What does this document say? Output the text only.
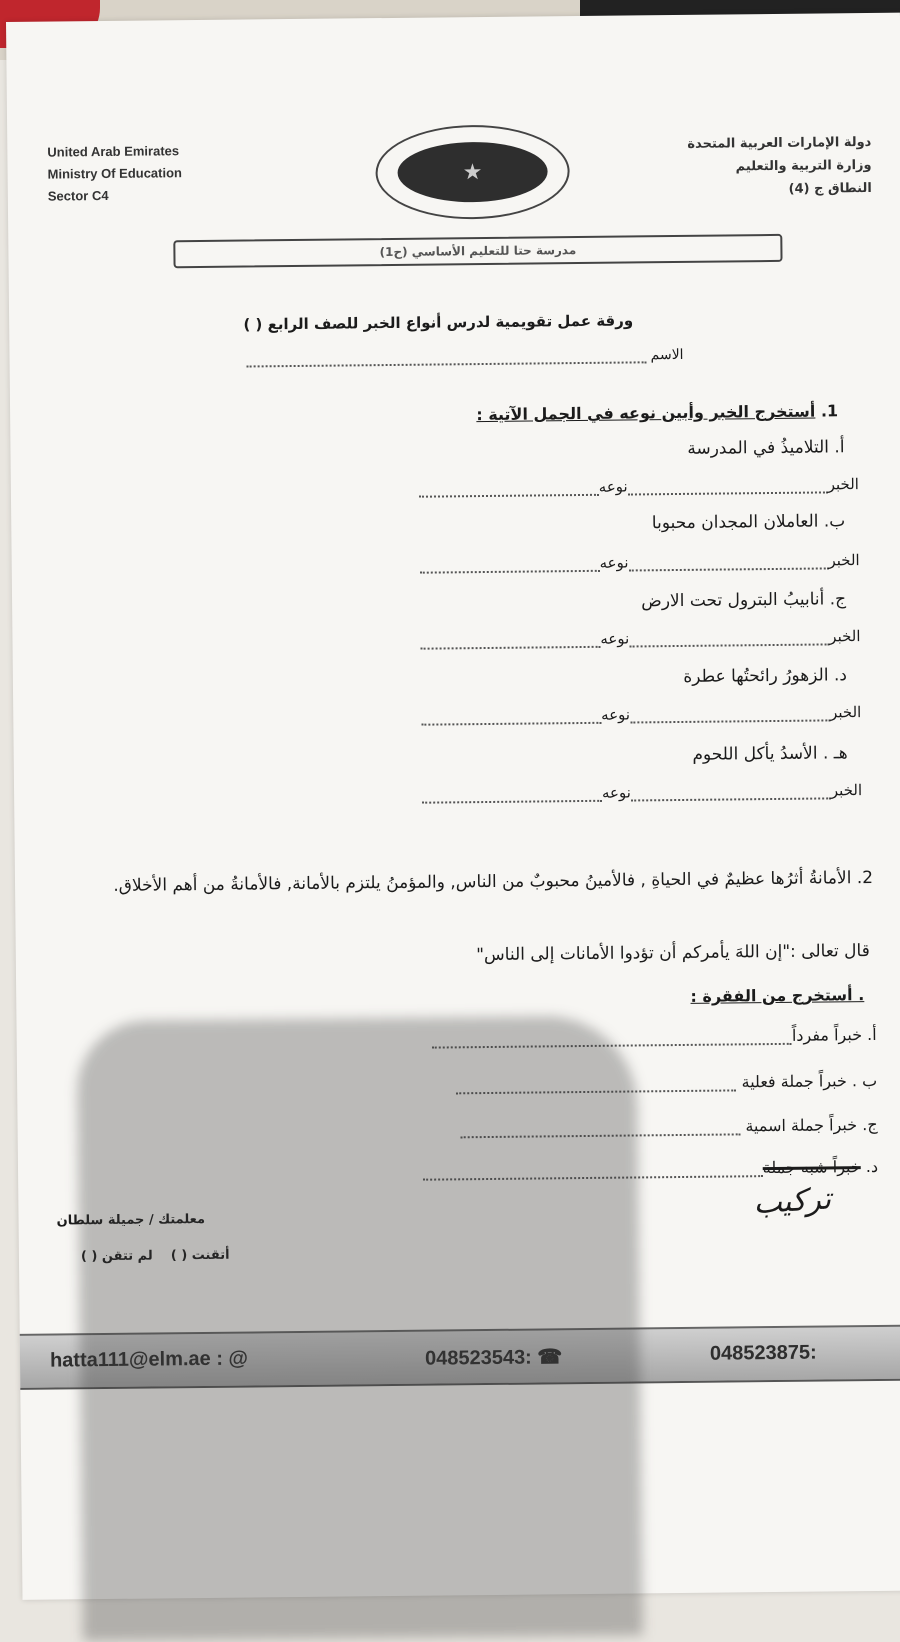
United Arab Emirates
Ministry Of Education
Sector C4
★
دولة الإمارات العربية المتحدة
وزارة التربية والتعليم
النطاق ج (4)
مدرسة حتا للتعليم الأساسي (ح1)
ورقة عمل تقويمية لدرس أنواع الخبر للصف الرابع ( )
الاسم
1. أستخرج الخبر وأبين نوعه في الجمل الآتية :
أ. التلاميذُ في المدرسة
الخبرنوعه
ب. العاملان المجدان محبوبا
الخبرنوعه
ج. أنابيبُ البترول تحت الارض
الخبرنوعه
د. الزهورُ رائحتُها عطرة
الخبرنوعه
هـ . الأسدُ يأكل اللحوم
الخبرنوعه
2. الأمانةُ أثرُها عظيمٌ في الحياةِ , فالأمينُ محبوبٌ من الناس, والمؤمنُ يلتزم بالأمانة, فالأمانةُ من أهم الأخلاق.
قال تعالى :"إن اللهَ يأمركم أن تؤدوا الأمانات إلى الناس"
. أستخرج من الفقرة :
أ. خبراً مفرداً
ب . خبراً جملة فعلية
ج. خبراً جملة اسمية
د. خبراً شبه جملة
تركيب
معلمتك / جميلة سلطان
أتقنت ( )    لم تتقن ( )
hatta111@elm.ae : @	048523543: ☎	048523875:
